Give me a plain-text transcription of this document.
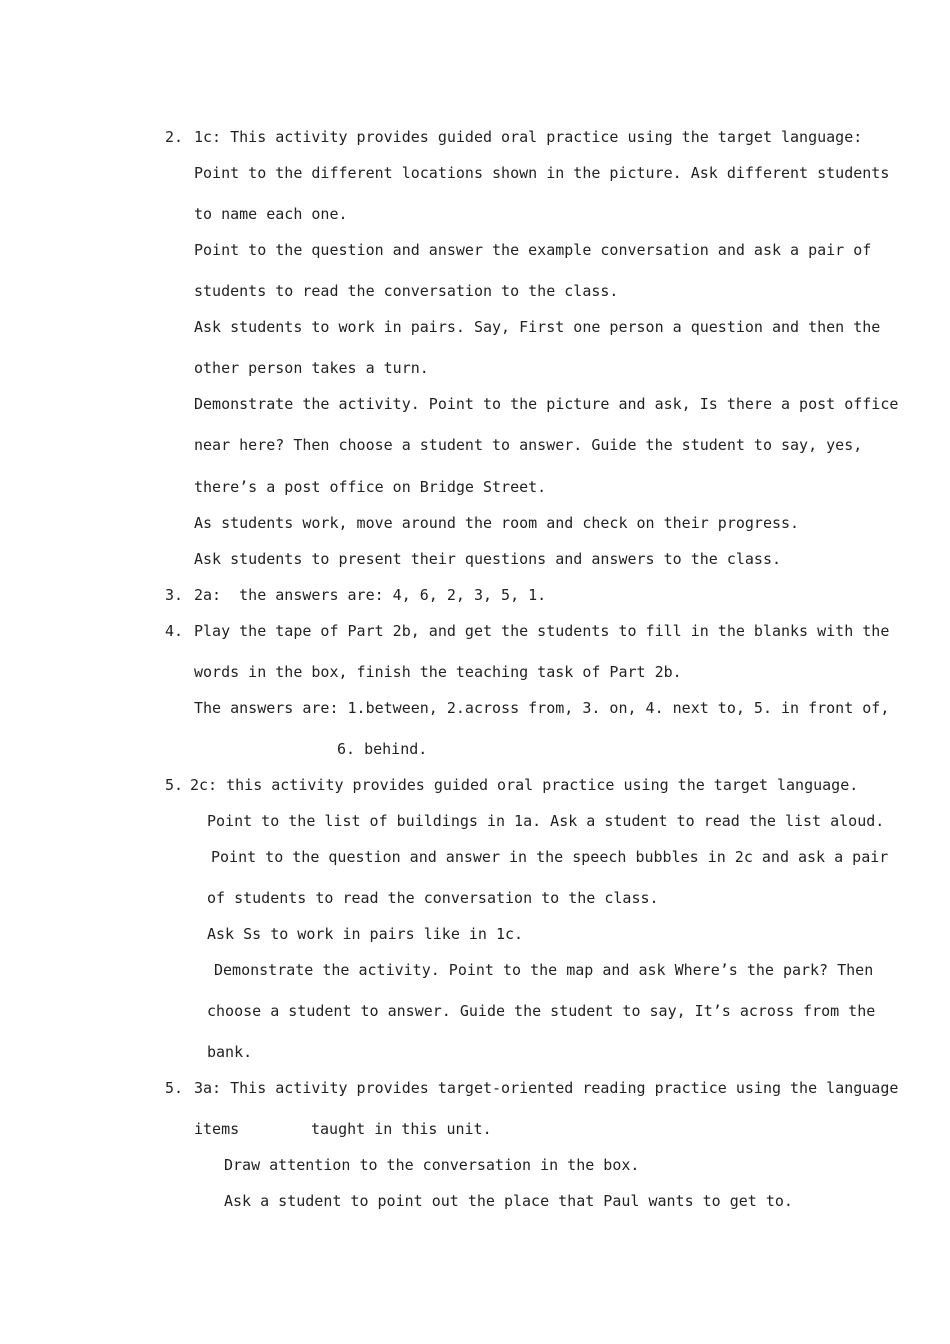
2. 1c: This activity provides guided oral practice using the target language:
Point to the different locations shown in the picture. Ask different students
to name each one.
Point to the question and answer the example conversation and ask a pair of
students to read the conversation to the class.
Ask students to work in pairs. Say, First one person a question and then the
other person takes a turn.
Demonstrate the activity. Point to the picture and ask, Is there a post office
near here? Then choose a student to answer. Guide the student to say, yes,
there’s a post office on Bridge Street.
As students work, move around the room and check on their progress.
Ask students to present their questions and answers to the class.
3. 2a:  the answers are: 4, 6, 2, 3, 5, 1.
4. Play the tape of Part 2b, and get the students to fill in the blanks with the
words in the box, finish the teaching task of Part 2b.
The answers are: 1.between, 2.across from, 3. on, 4. next to, 5. in front of,
6. behind.
5. 2c: this activity provides guided oral practice using the target language.
Point to the list of buildings in 1a. Ask a student to read the list aloud.
Point to the question and answer in the speech bubbles in 2c and ask a pair
of students to read the conversation to the class.
Ask Ss to work in pairs like in 1c.
Demonstrate the activity. Point to the map and ask Where’s the park? Then
choose a student to answer. Guide the student to say, It’s across from the
bank.
5. 3a: This activity provides target-oriented reading practice using the language
items	taught in this unit.
Draw attention to the conversation in the box.
Ask a student to point out the place that Paul wants to get to.
